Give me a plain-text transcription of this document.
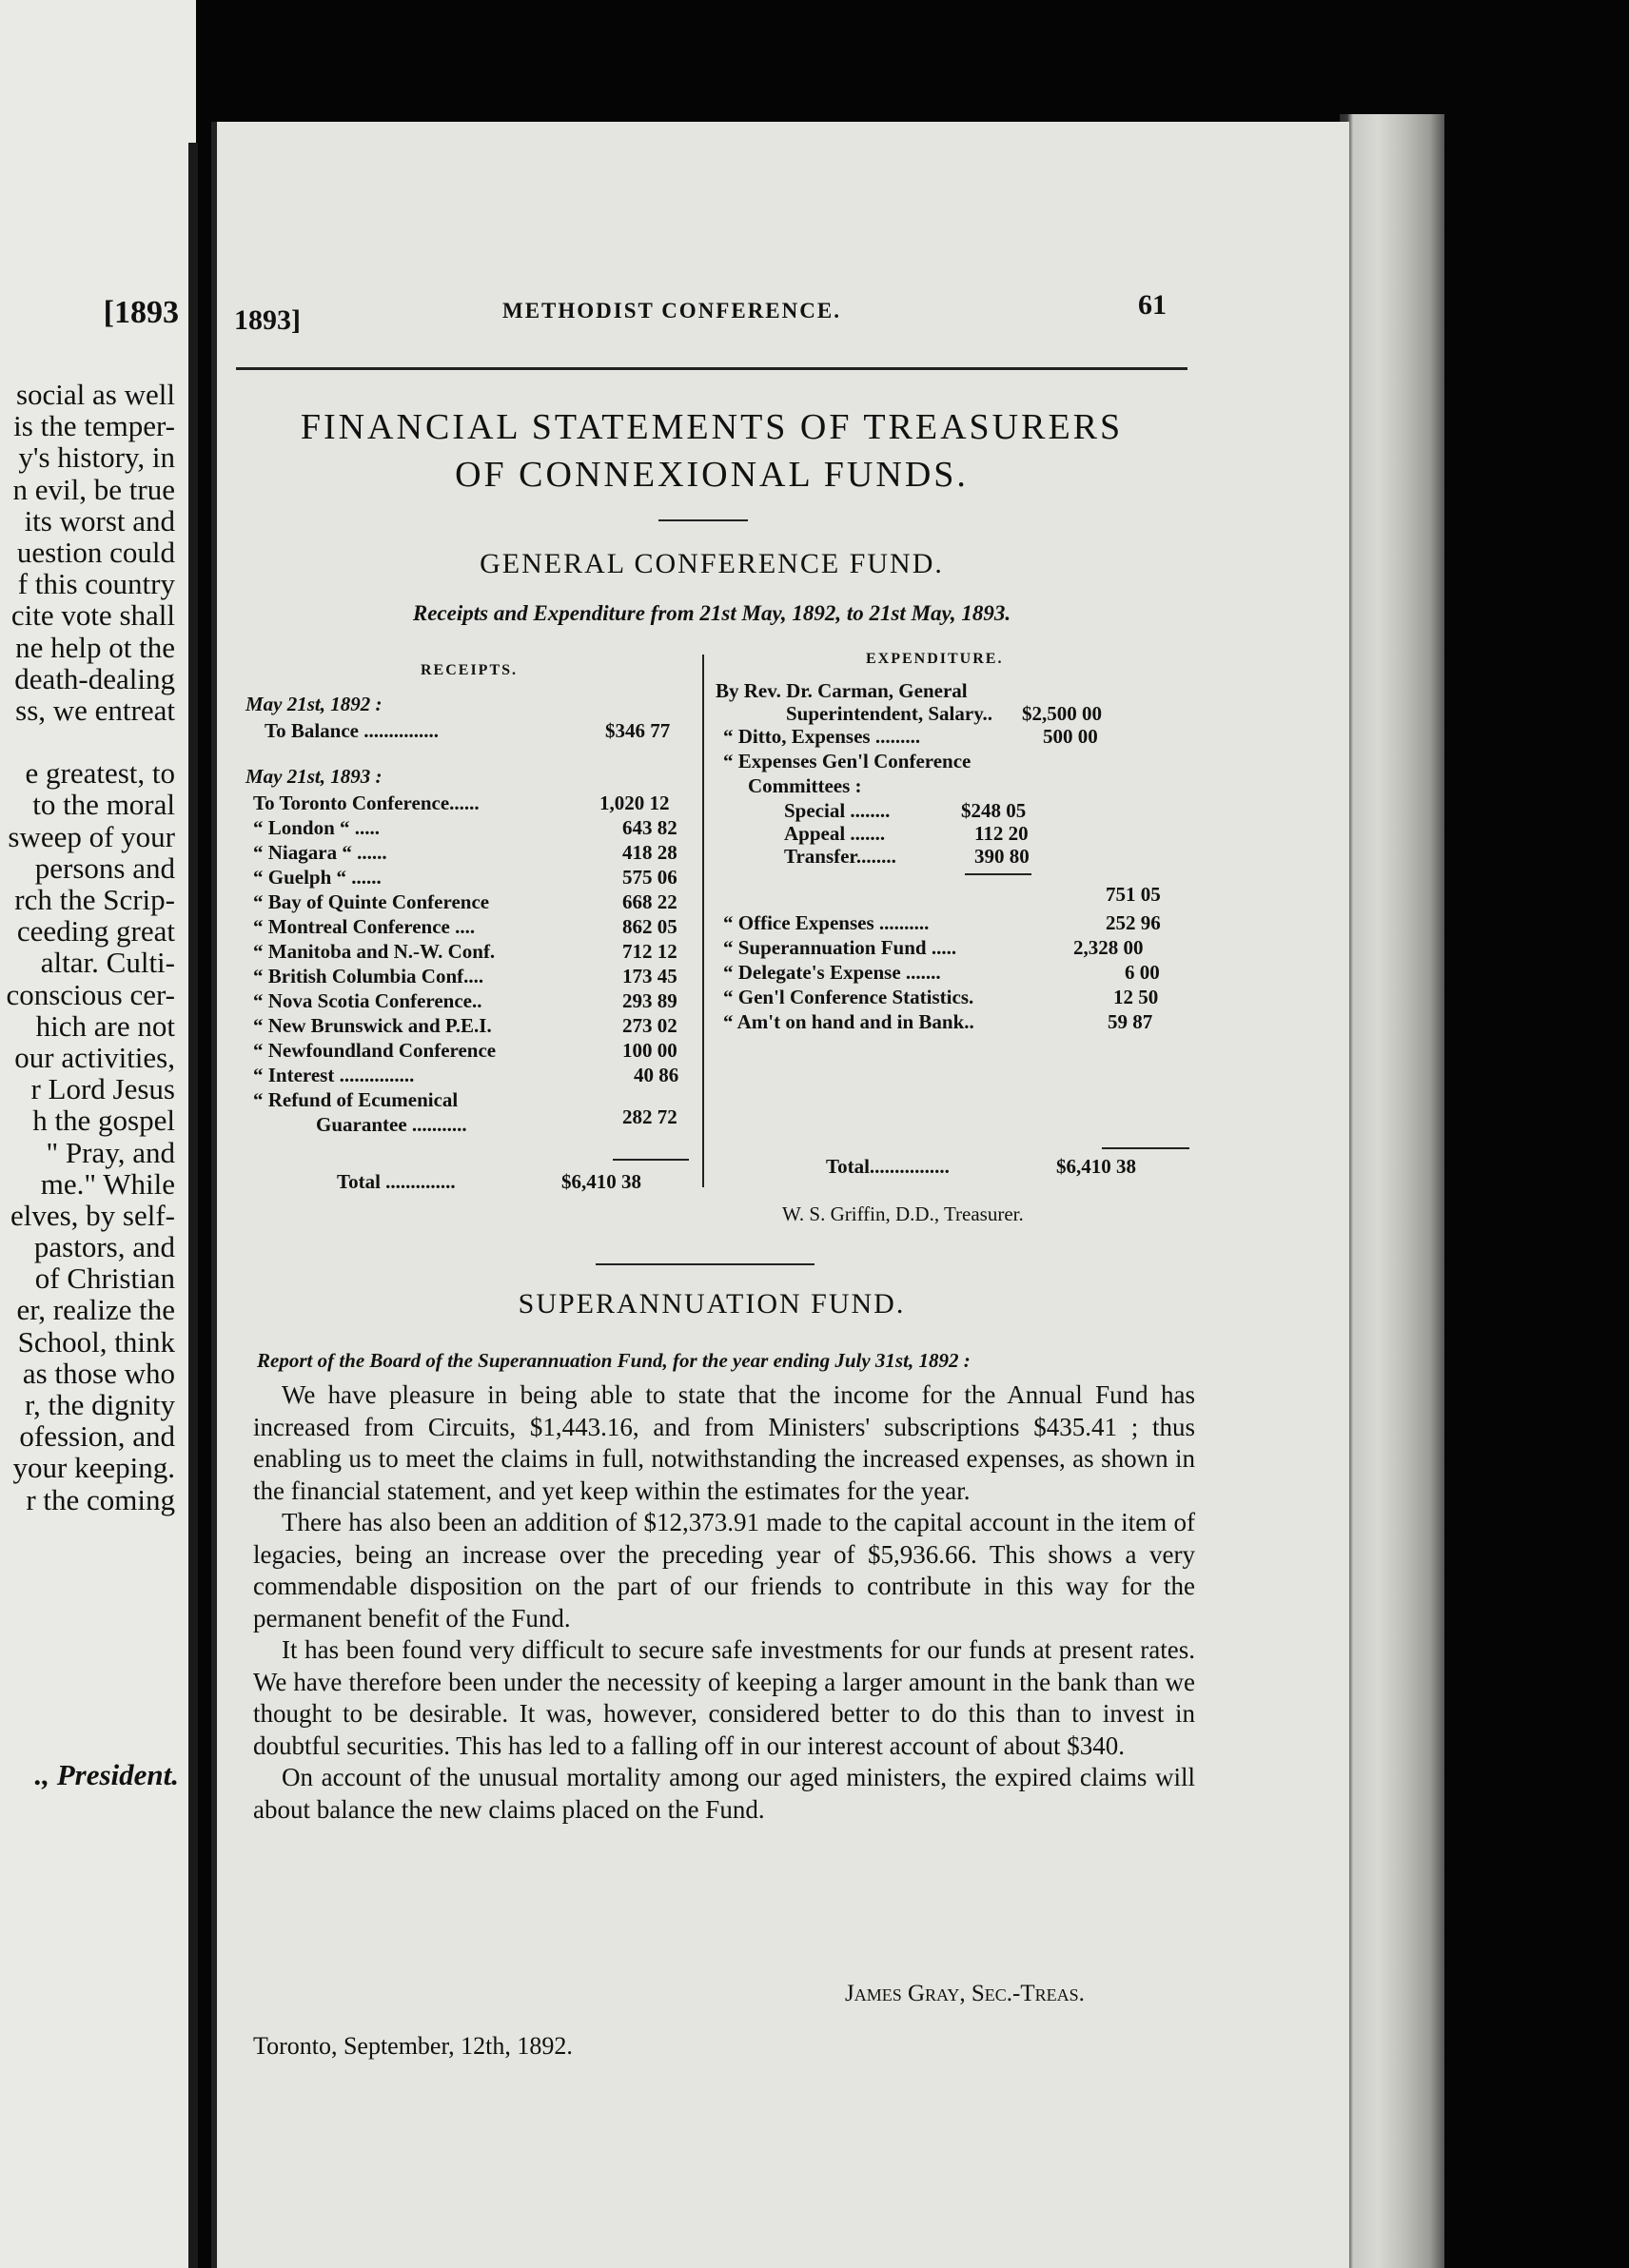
[1893
social as well
is the temper-
y's history, in
n evil, be true
its worst and
uestion could
f this country
cite vote shall
ne help ot the
death-dealing
ss, we entreat
e greatest, to
to the moral
sweep of your
persons and
rch the Scrip-
ceeding great
altar. Culti-
conscious cer-
hich are not
our activities,
r Lord Jesus
h the gospel
" Pray, and
me." While
elves, by self-
pastors, and
of Christian
er, realize the
School, think
as those who
r, the dignity
ofession, and
your keeping.
r the coming
., President.
1893]	METHODIST CONFERENCE.	61
FINANCIAL STATEMENTS OF TREASURERS
OF CONNEXIONAL FUNDS.
GENERAL CONFERENCE FUND.
Receipts and Expenditure from 21st May, 1892, to 21st May, 1893.
RECEIPTS.
May 21st, 1892 :
To Balance ...............	$346 77
May 21st, 1893 :
To Toronto Conference......	1,020 12
“ London “ .....	643 82
“ Niagara “ ......	418 28
“ Guelph “ ......	575 06
“ Bay of Quinte Conference	668 22
“ Montreal Conference ....	862 05
“ Manitoba and N.-W. Conf.	712 12
“ British Columbia Conf....	173 45
“ Nova Scotia Conference..	293 89
“ New Brunswick and P.E.I.	273 02
“ Newfoundland Conference	100 00
“ Interest ...............	40 86
“ Refund of Ecumenical
Guarantee ...........	282 72
Total ..............	$6,410 38
EXPENDITURE.
By Rev. Dr. Carman, General
Superintendent, Salary.. $2,500 00
“ Ditto, Expenses .........	500 00
“ Expenses Gen'l Conference
Committees :
Special ........	$248 05
Appeal .......	112 20
Transfer........	390 80
751 05
“ Office Expenses ..........	252 96
“ Superannuation Fund .....	2,328 00
“ Delegate's Expense .......	6 00
“ Gen'l Conference Statistics.	12 50
“ Am't on hand and in Bank..	59 87
Total................	$6,410 38
W. S. Griffin, D.D., Treasurer.
SUPERANNUATION FUND.
Report of the Board of the Superannuation Fund, for the year ending July 31st, 1892 :

We have pleasure in being able to state that the income for the Annual Fund has increased from Circuits, $1,443.16, and from Ministers' subscriptions $435.41 ; thus enabling us to meet the claims in full, notwithstanding the increased expenses, as shown in the financial statement, and yet keep within the estimates for the year.

There has also been an addition of $12,373.91 made to the capital account in the item of legacies, being an increase over the preceding year of $5,936.66. This shows a very commendable disposition on the part of our friends to contribute in this way for the permanent benefit of the Fund.

It has been found very difficult to secure safe investments for our funds at present rates. We have therefore been under the necessity of keeping a larger amount in the bank than we thought to be desirable. It was, however, considered better to do this than to invest in doubtful securities. This has led to a falling off in our interest account of about $340.

On account of the unusual mortality among our aged ministers, the expired claims will about balance the new claims placed on the Fund.

James Gray, Sec.-Treas.
Toronto, September, 12th, 1892.
